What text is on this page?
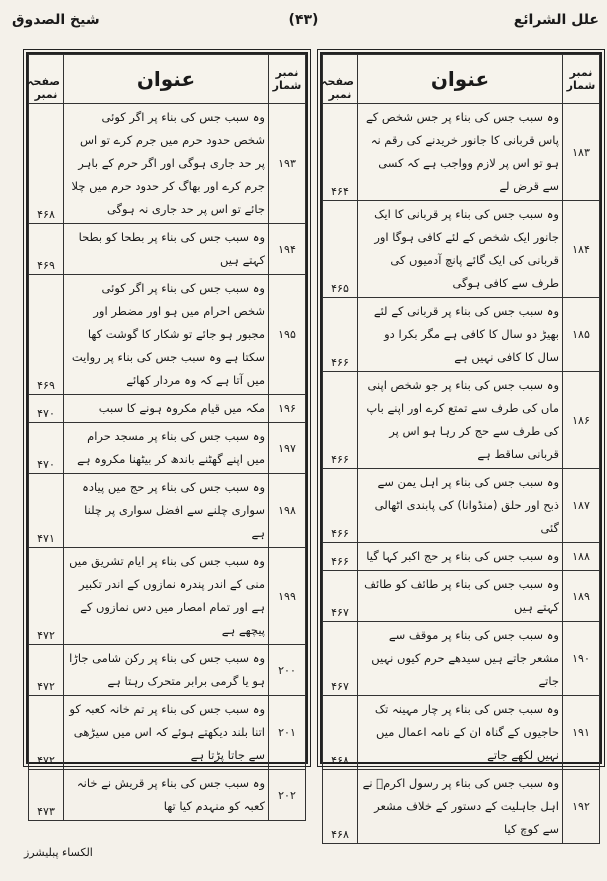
شیخ الصدوق	(۴۳)	علل الشرائع
صفحہ نمبر	عنوان	نمبر شمار
۴۶۴	وہ سبب جس کی بناء پر جس شخص کے پاس قربانی کا جانور خریدنے کی رقم نہ ہو تو اس پر لازم وواجب ہے کہ کسی سے قرض لے	۱۸۳
۴۶۵	وہ سبب جس کی بناء پر قربانی کا ایک جانور ایک شخص کے لئے کافی ہوگا اور قربانی کی ایک گائے پانچ آدمیوں کی طرف سے کافی ہوگی	۱۸۴
۴۶۶	وہ سبب جس کی بناء پر قربانی کے لئے بھیڑ دو سال کا کافی ہے مگر بکرا دو سال کا کافی نہیں ہے	۱۸۵
۴۶۶	وہ سبب جس کی بناء پر جو شخص اپنی ماں کی طرف سے تمتع کرے اور اپنے باپ کی طرف سے حج کر رہا ہو اس پر قربانی ساقط ہے	۱۸۶
۴۶۶	وہ سبب جس کی بناء پر اہل یمن سے ذبح اور حلق (منڈوانا) کی پابندی اٹھالی گئی	۱۸۷
۴۶۶	وہ سبب جس کی بناء پر حج اکبر کہا گیا	۱۸۸
۴۶۷	وہ سبب جس کی بناء پر طائف کو طائف کہتے ہیں	۱۸۹
۴۶۷	وہ سبب جس کی بناء پر موقف سے مشعر جاتے ہیں سیدھے حرم کیوں نہیں جاتے	۱۹۰
۴۶۸	وہ سبب جس کی بناء پر چار مہینہ تک حاجیوں کے گناہ ان کے نامہ اعمال میں نہیں لکھے جاتے	۱۹۱
۴۶۸	وہ سبب جس کی بناء پر رسول اکرمؐ نے اہل جاہلیت کے دستور کے خلاف مشعر سے کوچ کیا	۱۹۲
صفحہ نمبر	عنوان	نمبر شمار
۴۶۸	وہ سبب جس کی بناء پر اگر کوئی شخص حدود حرم میں جرم کرے تو اس پر حد جاری ہوگی اور اگر حرم کے باہر جرم کرے اور بھاگ کر حدود حرم میں چلا جائے تو اس پر حد جاری نہ ہوگی	۱۹۳
۴۶۹	وہ سبب جس کی بناء پر بطحا کو بطحا کہتے ہیں	۱۹۴
۴۶۹	وہ سبب جس کی بناء پر اگر کوئی شخص احرام میں ہو اور مضطر اور مجبور ہو جائے تو شکار کا گوشت کھا سکتا ہے وہ سبب جس کی بناء پر روایت میں آتا ہے کہ وہ مردار کھائے	۱۹۵
۴۷۰	مکہ میں قیام مکروہ ہونے کا سبب	۱۹۶
۴۷۰	وہ سبب جس کی بناء پر مسجد حرام میں اپنے گھٹنے باندھ کر بیٹھنا مکروہ ہے	۱۹۷
۴۷۱	وہ سبب جس کی بناء پر حج میں پیادہ سواری چلنے سے افضل سواری پر چلنا ہے	۱۹۸
۴۷۲	وہ سبب جس کی بناء پر ایام تشریق میں منی کے اندر پندرہ نمازوں کے اندر تکبیر ہے اور تمام امصار میں دس نمازوں کے پیچھے ہے	۱۹۹
۴۷۲	وہ سبب جس کی بناء پر رکن شامی جاڑا ہو یا گرمی برابر متحرک رہتا ہے	۲۰۰
۴۷۲	وہ سبب جس کی بناء پر تم خانہ کعبہ کو اتنا بلند دیکھتے ہوئے کہ اس میں سیڑھی سے جاتا پڑتا ہے	۲۰۱
۴۷۳	وہ سبب جس کی بناء پر قریش نے خانہ کعبہ کو منہدم کیا تھا	۲۰۲
الکساء پبلیشرز
